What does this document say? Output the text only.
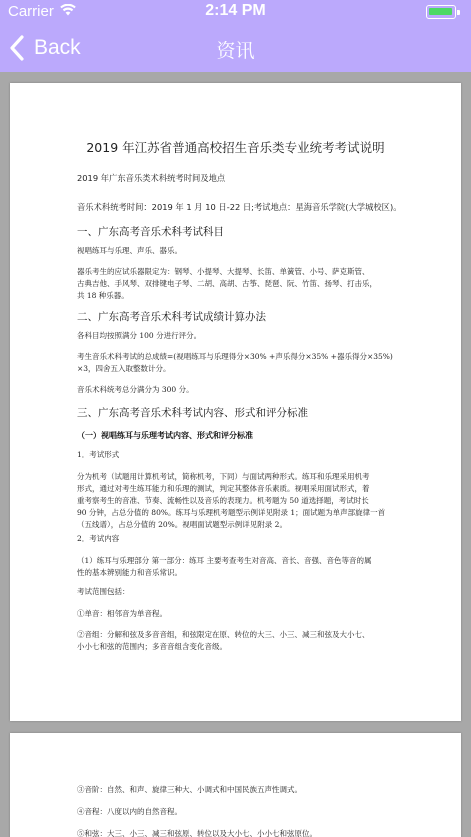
Carrier	2:14 PM
Back	资讯
2019 年江苏省普通高校招生音乐类专业统考考试说明
2019 年广东音乐类术科统考时间及地点
音乐术科统考时间：2019 年 1 月 10 日-22 日;考试地点：星海音乐学院(大学城校区)。
一、广东高考音乐术科考试科目
视唱练耳与乐理、声乐、器乐。
器乐考生的应试乐器限定为：钢琴、小提琴、大提琴、长笛、单簧管、小号、萨克斯管、
古典吉他、手风琴、双排键电子琴、二胡、高胡、古筝、琵琶、阮、竹笛、扬琴、打击乐，
共 18 种乐器。
二、广东高考音乐术科考试成绩计算办法
各科目均按照满分 100 分进行评分。
考生音乐术科考试的总成绩=(视唱练耳与乐理得分×30% +声乐得分×35% +器乐得分×35%)
×3，四舍五入取整数计分。
音乐术科统考总分满分为 300 分。
三、广东高考音乐术科考试内容、形式和评分标准
（一）视唱练耳与乐理考试内容、形式和评分标准
1．考试形式
分为机考（试题用计算机考试，简称机考，下同）与面试两种形式。练耳和乐理采用机考
形式，通过对考生练耳能力和乐理的测试，判定其整体音乐素质。视唱采用面试形式，着
重考察考生的音准、节奏、流畅性以及音乐的表现力。机考题为 50 道选择题，考试时长
90 分钟，占总分值的 80%。练耳与乐理机考题型示例详见附录 1；面试题为单声部旋律一首
（五线谱），占总分值的 20%。视唱面试题型示例详见附录 2。
2．考试内容
（1）练耳与乐理部分 第一部分：练耳 主要考查考生对音高、音长、音强、音色等音的属
性的基本辨别能力和音乐常识。
考试范围包括：
①单音：相邻音为单音程。
②音组：分解和弦及多音音组，和弦限定在原、转位的大三、小三、减三和弦及大小七、
小小七和弦的范围内；多音音组含变化音级。
③音阶：自然、和声、旋律三种大、小调式和中国民族五声性调式。
④音程：八度以内的自然音程。
⑤和弦：大三、小三、减三和弦原、转位以及大小七、小小七和弦原位。
